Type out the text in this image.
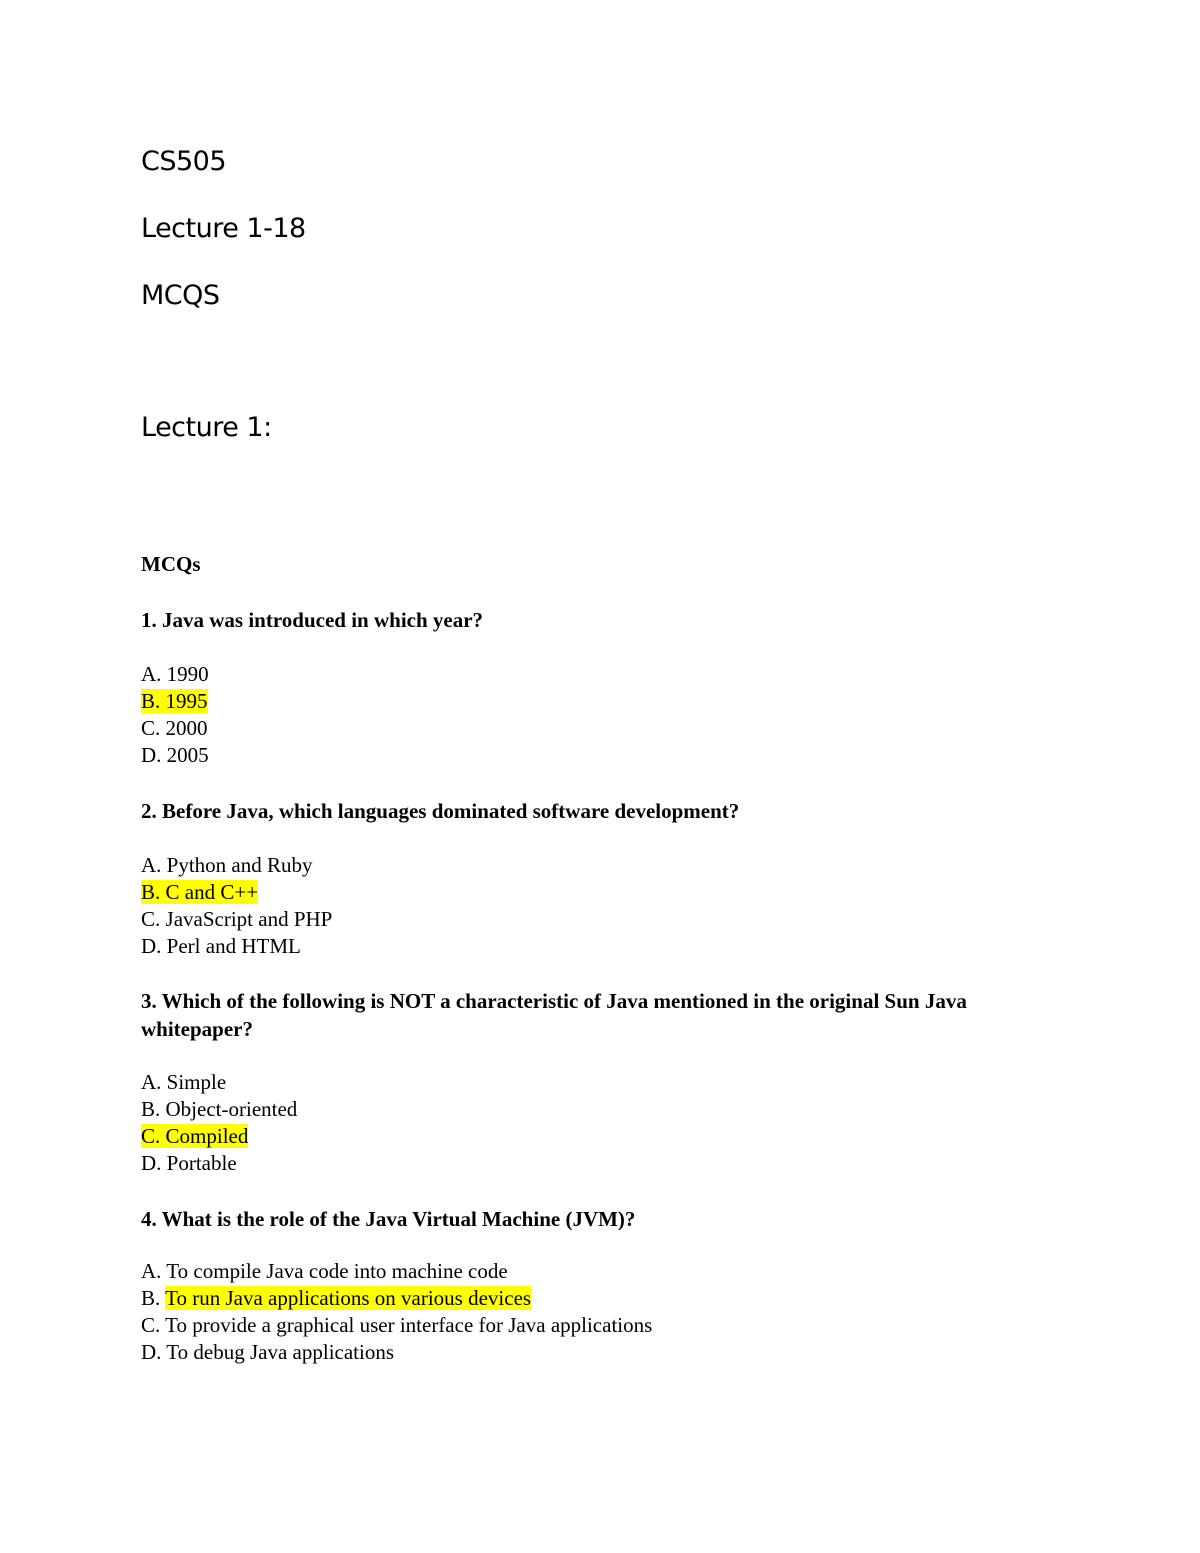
CS505
Lecture 1-18
MCQS
Lecture 1:
MCQs
1. Java was introduced in which year?
A. 1990
B. 1995
C. 2000
D. 2005
2. Before Java, which languages dominated software development?
A. Python and Ruby
B. C and C++
C. JavaScript and PHP
D. Perl and HTML
3. Which of the following is NOT a characteristic of Java mentioned in the original Sun Java whitepaper?
A. Simple
B. Object-oriented
C. Compiled
D. Portable
4. What is the role of the Java Virtual Machine (JVM)?
A. To compile Java code into machine code
B. To run Java applications on various devices
C. To provide a graphical user interface for Java applications
D. To debug Java applications
